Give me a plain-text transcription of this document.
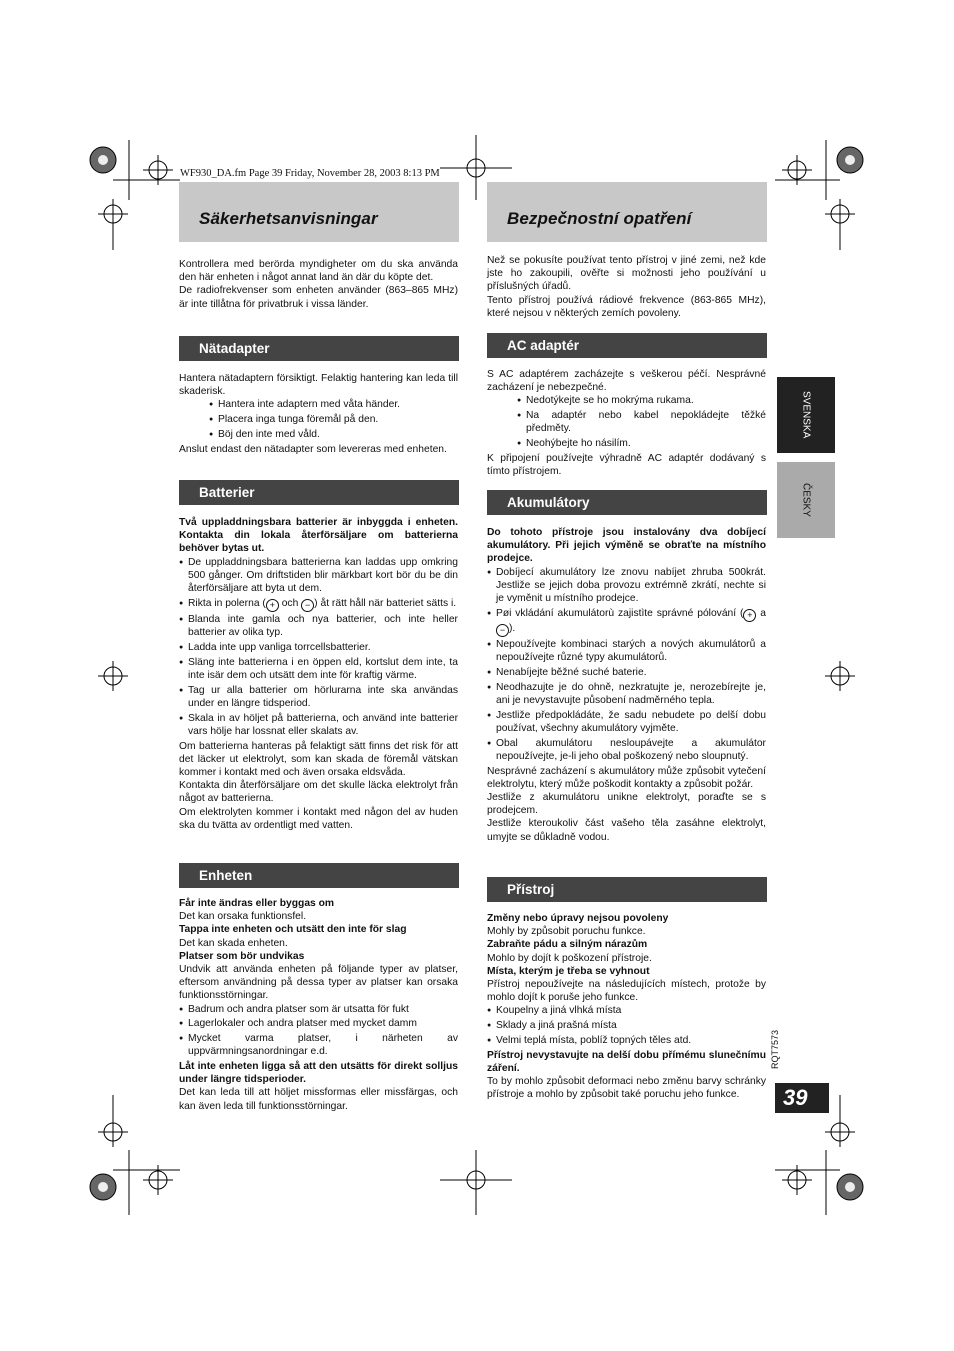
WF930_DA.fm Page 39 Friday, November 28, 2003 8:13 PM
Säkerhetsanvisningar

Kontrollera med berörda myndigheter om du ska använda den här enheten i något annat land än där du köpte det.

De radiofrekvenser som enheten använder (863–865 MHz) är inte tillåtna för privatbruk i vissa länder.

Nätadapter

Hantera nätadaptern försiktigt. Felaktig hantering kan leda till skaderisk.

● Hantera inte adaptern med våta händer.
● Placera inga tunga föremål på den.
● Böj den inte med våld.

Anslut endast den nätadapter som levereras med enheten.

Batterier

Två uppladdningsbara batterier är inbyggda i enheten. Kontakta din lokala återförsäljare om batterierna behöver bytas ut.

● De uppladdningsbara batterierna kan laddas upp omkring 500 gånger. Om driftstiden blir märkbart kort bör du be din återförsäljare att byta ut dem.
● Rikta in polerna ( + och − ) åt rätt håll när batteriet sätts i.
● Blanda inte gamla och nya batterier, och inte heller batterier av olika typ.
● Ladda inte upp vanliga torrcellsbatterier.
● Släng inte batterierna i en öppen eld, kortslut dem inte, ta inte isär dem och utsätt dem inte för kraftig värme.
● Tag ur alla batterier om hörlurarna inte ska användas under en längre tidsperiod.
● Skala in av höljet på batterierna, och använd inte batterier vars hölje har lossnat eller skalats av.

Om batterierna hanteras på felaktigt sätt finns det risk för att det läcker ut elektrolyt, som kan skada de föremål vätskan kommer i kontakt med och även orsaka eldsvåda.

Kontakta din återförsäljare om det skulle läcka elektrolyt från något av batterierna.

Om elektrolyten kommer i kontakt med någon del av huden ska du tvätta av ordentligt med vatten.

Enheten

Får inte ändras eller byggas om

Det kan orsaka funktionsfel.

Tappa inte enheten och utsätt den inte för slag

Det kan skada enheten.

Platser som bör undvikas

Undvik att använda enheten på följande typer av platser, eftersom användning på dessa typer av platser kan orsaka funktionsstörningar.

● Badrum och andra platser som är utsatta för fukt
● Lagerlokaler och andra platser med mycket damm
● Mycket varma platser, i närheten av uppvärmningsanordningar e.d.

Låt inte enheten ligga så att den utsätts för direkt solljus under längre tidsperioder.

Det kan leda till att höljet missformas eller missfärgas, och kan även leda till funktionsstörningar.

Bezpečnostní opatření

Než se pokusíte používat tento přístroj v jiné zemi, než kde jste ho zakoupili, ověřte si možnosti jeho používání u příslušných úřadů.

Tento přístroj používá rádiové frekvence (863-865 MHz), které nejsou v některých zemích povoleny.

AC adaptér

S AC adaptérem zacházejte s veškerou péčí. Nesprávné zacházení je nebezpečné.

● Nedotýkejte se ho mokrýma rukama.
● Na adaptér nebo kabel nepokládejte těžké předměty.
● Neohýbejte ho násilím.

K připojení používejte výhradně AC adaptér dodávaný s tímto přístrojem.

Akumulátory

Do tohoto přístroje jsou instalovány dva dobíjecí akumulátory. Při jejich výměně se obraťte na místního prodejce.

● Dobíjecí akumulátory lze znovu nabíjet zhruba 500krát. Jestliže se jejich doba provozu extrémně zkrátí, nechte si je vyměnit u místního prodejce.
● Pøi vkládání akumulátorù zajistìte správné pólování ( + a − ).
● Nepoužívejte kombinaci starých a nových akumulátorů a nepoužívejte různé typy akumulátorů.
● Nenabíjejte běžné suché baterie.
● Neodhazujte je do ohně, nezkratujte je, nerozebírejte je, ani je nevystavujte působení nadměrného tepla.
● Jestliže předpokládáte, že sadu nebudete po delší dobu používat, všechny akumulátory vyjměte.
● Obal akumulátoru nesloupávejte a akumulátor nepoužívejte, je-li jeho obal poškozený nebo sloupnutý.

Nesprávné zacházení s akumulátory může způsobit vytečení elektrolytu, který může poškodit kontakty a způsobit požár.

Jestliže z akumulátoru unikne elektrolyt, poraďte se s prodejcem.

Jestliže kteroukoliv část vašeho těla zasáhne elektrolyt, umyjte se důkladně vodou.

Přístroj

Změny nebo úpravy nejsou povoleny

Mohly by způsobit poruchu funkce.

Zabraňte pádu a silným nárazům

Mohlo by dojít k poškození přístroje.

Místa, kterým je třeba se vyhnout

Přístroj nepoužívejte na následujících místech, protože by mohlo dojít k poruše jeho funkce.

● Koupelny a jiná vlhká místa
● Sklady a jiná prašná místa
● Velmi teplá místa, poblíž topných těles atd.

Přístroj nevystavujte na delší dobu přímému slunečnímu záření.

To by mohlo způsobit deformaci nebo změnu barvy schránky přístroje a mohlo by způsobit také poruchu jeho funkce.

SVENSKA
ČESKY
RQT7573
39
